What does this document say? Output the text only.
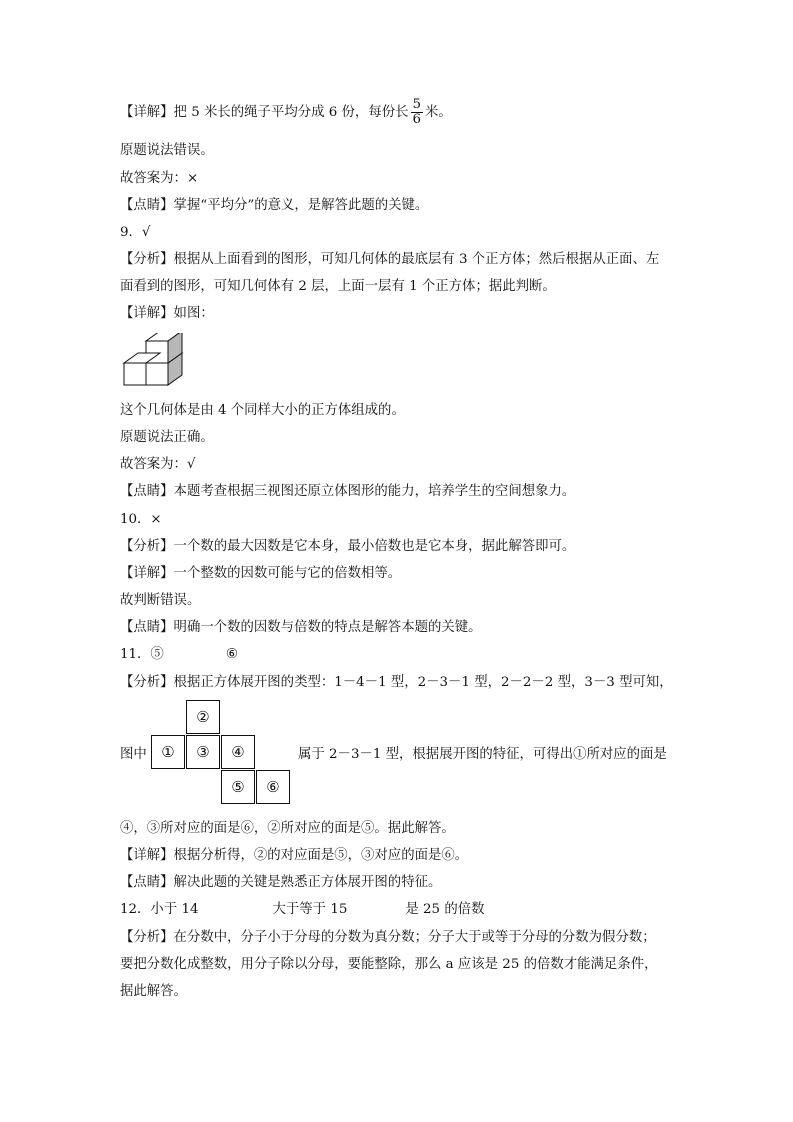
【详解】把 5 米长的绳子平均分成 6 份，每份长 $\frac{5}{6}$ 米。
原题说法错误。
故答案为：×
【点睛】掌握“平均分”的意义，是解答此题的关键。
9．√
【分析】根据从上面看到的图形，可知几何体的最底层有 3 个正方体；然后根据从正面、左
面看到的图形，可知几何体有 2 层，上面一层有 1 个正方体；据此判断。
【详解】如图：
这个几何体是由 4 个同样大小的正方体组成的。
原题说法正确。
故答案为：√
【点睛】本题考查根据三视图还原立体图形的能力，培养学生的空间想象力。
10．×
【分析】一个数的最大因数是它本身，最小倍数也是它本身，据此解答即可。
【详解】一个整数的因数可能与它的倍数相等。
故判断错误。
【点睛】明确一个数的因数与倍数的特点是解答本题的关键。
11．⑤	⑥
【分析】根据正方体展开图的类型：1－4－1 型，2－3－1 型，2－2－2 型，3－3 型可知，
②
①	③	④
⑤	⑥
图中	属于 2－3－1 型，根据展开图的特征，可得出①所对应的面是
④，③所对应的面是⑥，②所对应的面是⑤。据此解答。
【详解】根据分析得，②的对应面是⑤，③对应的面是⑥。
【点睛】解决此题的关键是熟悉正方体展开图的特征。
12．小于 14	大于等于 15	是 25 的倍数
【分析】在分数中，分子小于分母的分数为真分数；分子大于或等于分母的分数为假分数；
要把分数化成整数，用分子除以分母，要能整除，那么 a 应该是 25 的倍数才能满足条件，
据此解答。
